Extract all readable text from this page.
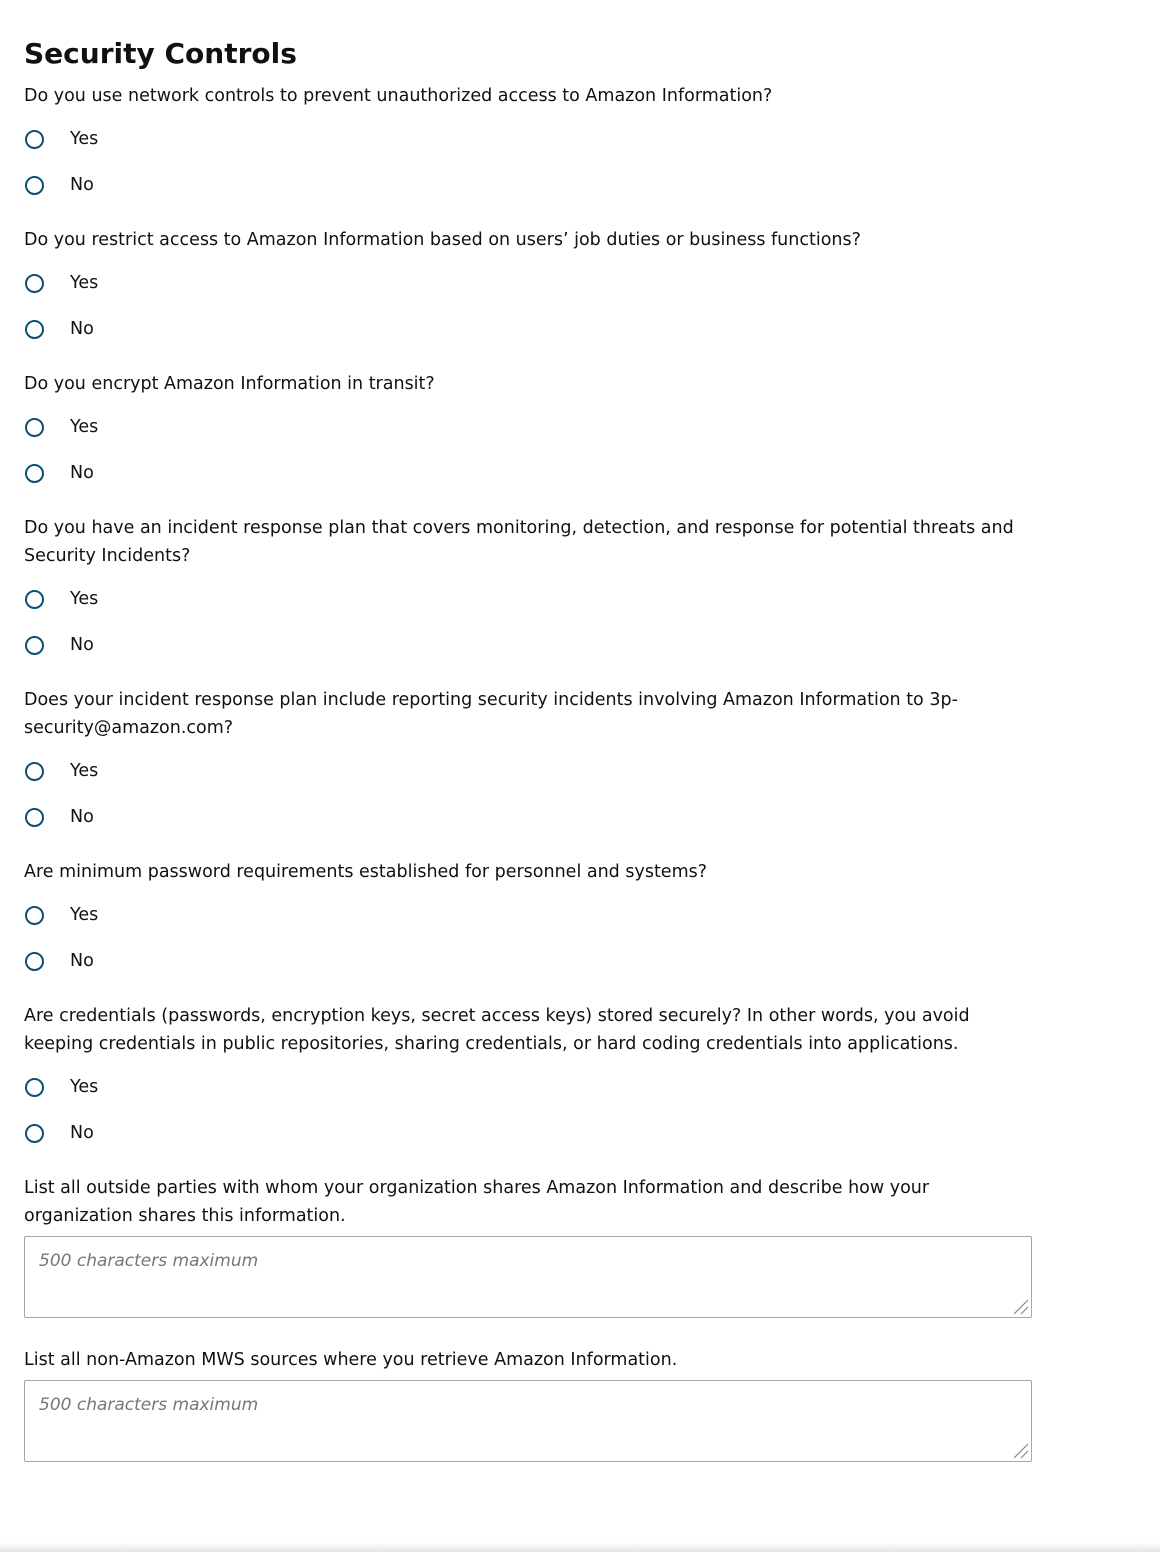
Security Controls
Do you use network controls to prevent unauthorized access to Amazon Information?
Yes
No
Do you restrict access to Amazon Information based on users’ job duties or business functions?
Yes
No
Do you encrypt Amazon Information in transit?
Yes
No
Do you have an incident response plan that covers monitoring, detection, and response for potential threats and Security Incidents?
Yes
No
Does your incident response plan include reporting security incidents involving Amazon Information to 3p-security@amazon.com?
Yes
No
Are minimum password requirements established for personnel and systems?
Yes
No
Are credentials (passwords, encryption keys, secret access keys) stored securely? In other words, you avoid keeping credentials in public repositories, sharing credentials, or hard coding credentials into applications.
Yes
No
List all outside parties with whom your organization shares Amazon Information and describe how your organization shares this information.
500 characters maximum
List all non-Amazon MWS sources where you retrieve Amazon Information.
500 characters maximum
